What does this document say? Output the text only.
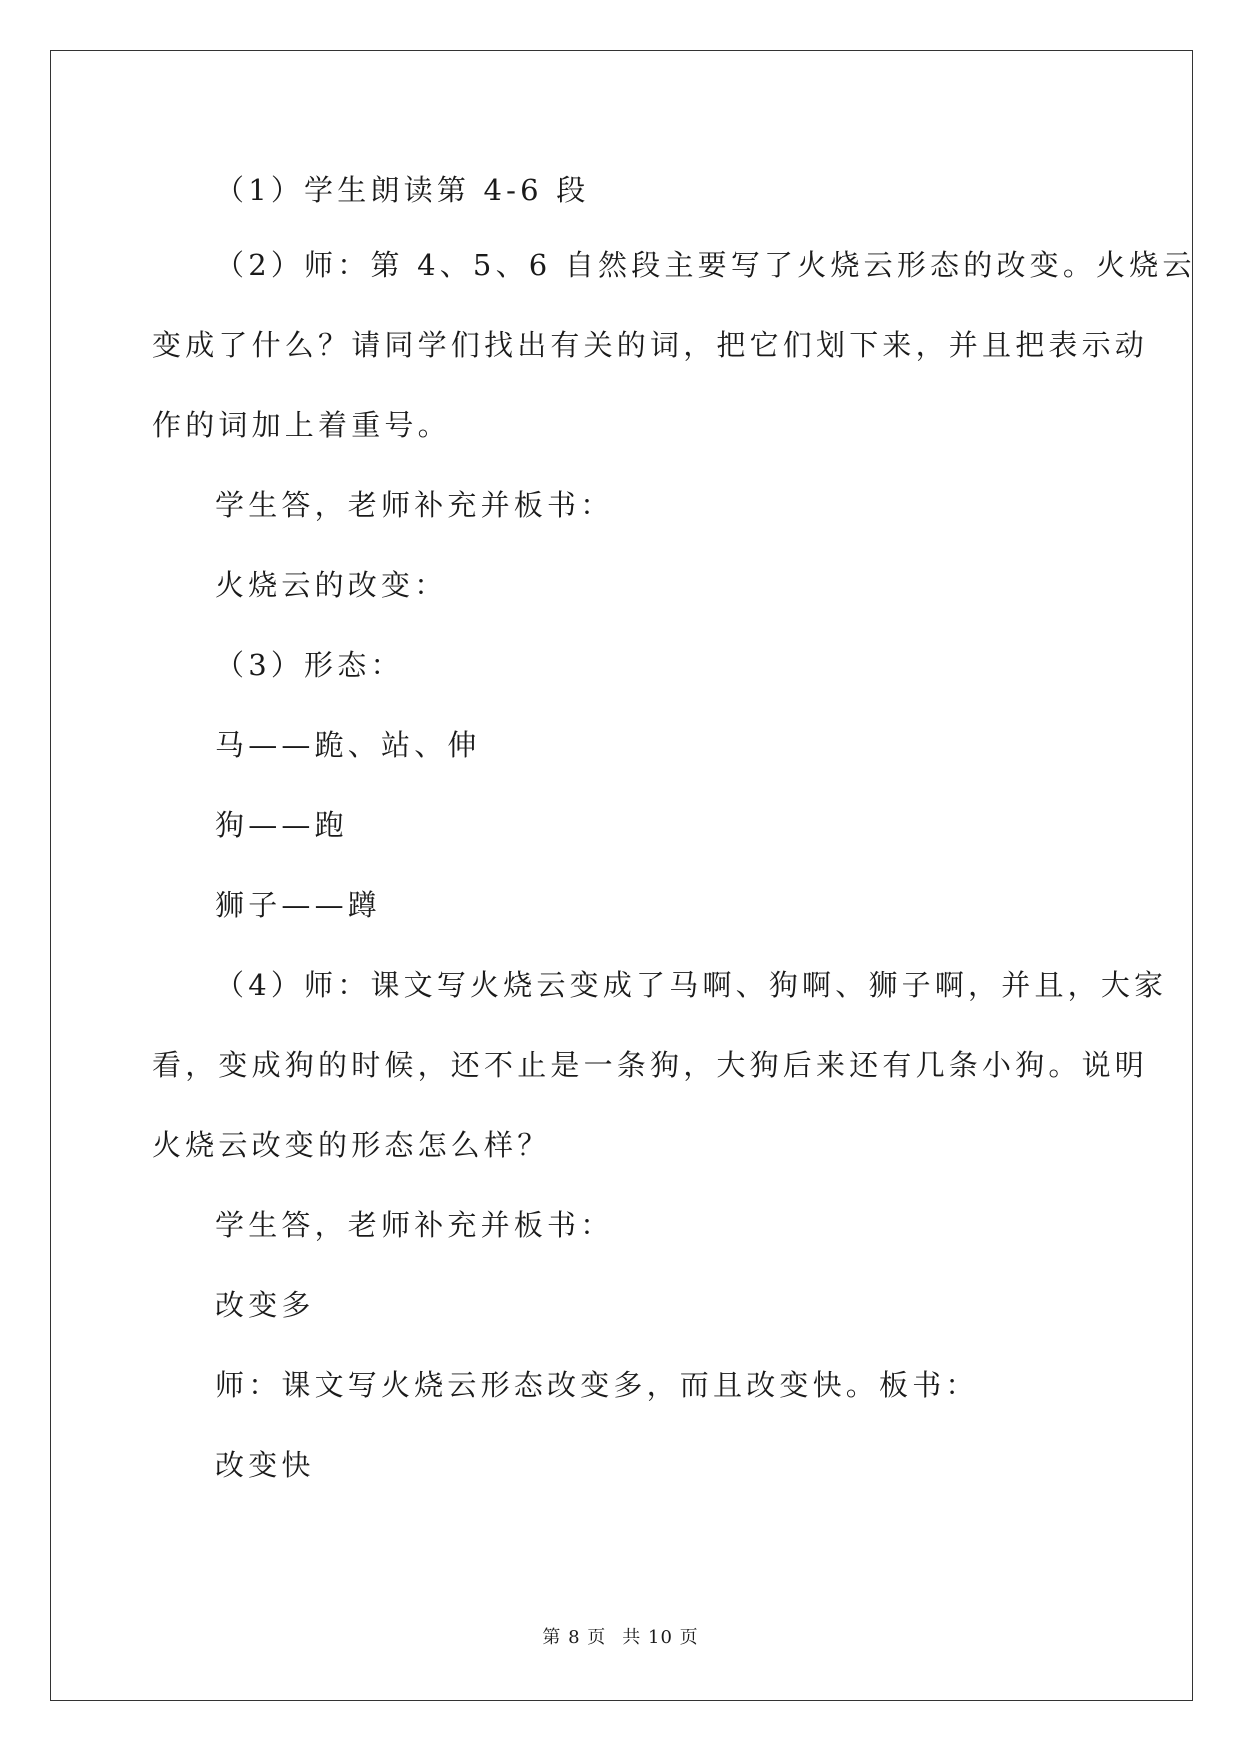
（1）学生朗读第 4-6 段
（2）师：第 4、5、6 自然段主要写了火烧云形态的改变。火烧云
变成了什么？请同学们找出有关的词，把它们划下来，并且把表示动
作的词加上着重号。
学生答，老师补充并板书：
火烧云的改变：
（3）形态：
马——跪、站、伸
狗——跑
狮子——蹲
（4）师：课文写火烧云变成了马啊、狗啊、狮子啊，并且，大家
看，变成狗的时候，还不止是一条狗，大狗后来还有几条小狗。说明
火烧云改变的形态怎么样？
学生答，老师补充并板书：
改变多
师：课文写火烧云形态改变多，而且改变快。板书：
改变快
第 8 页 共 10 页
